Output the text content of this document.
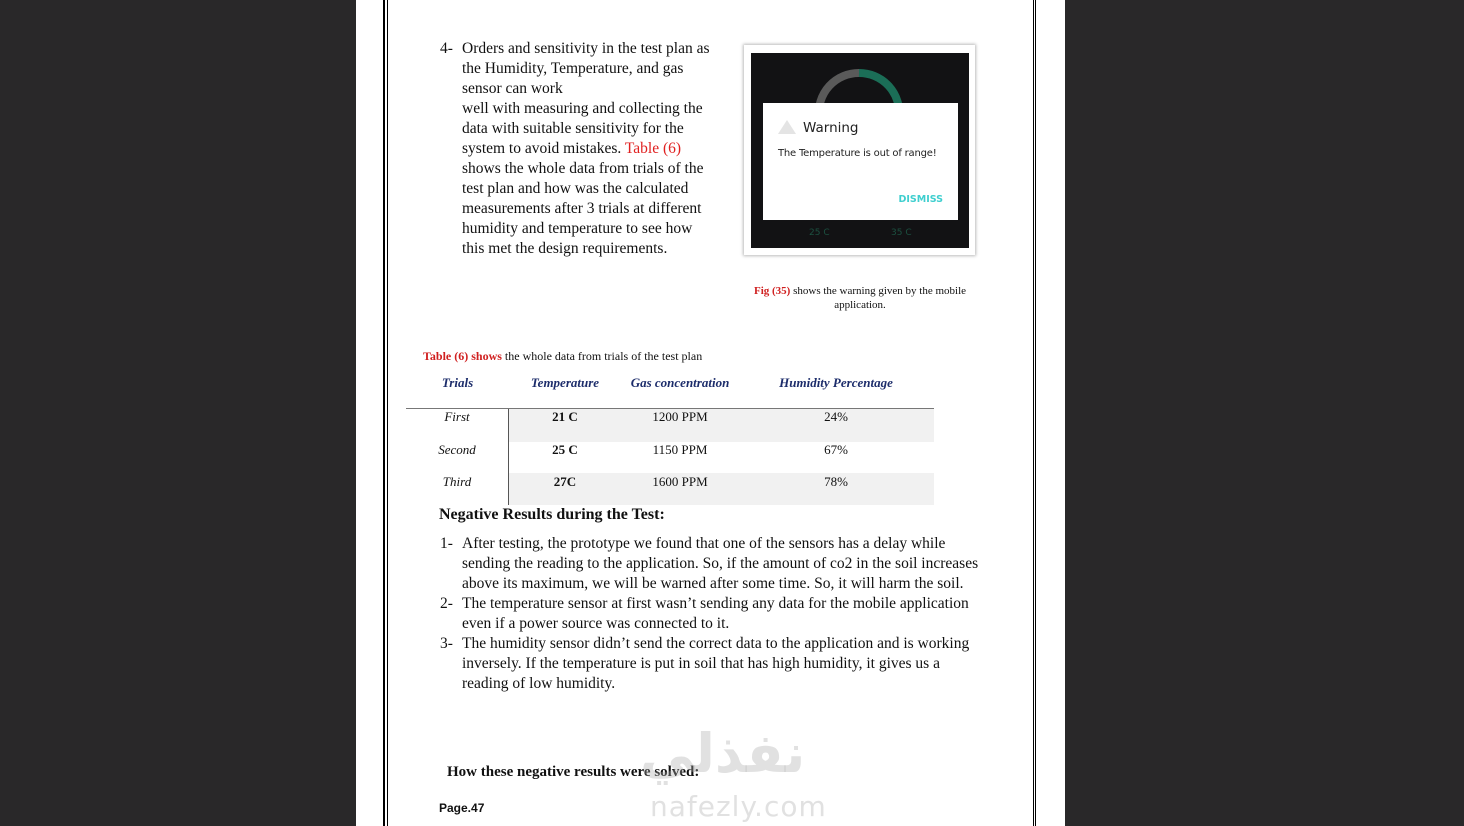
4- Orders and sensitivity in the test plan as
the Humidity, Temperature, and gas
sensor can work
well with measuring and collecting the
data with suitable sensitivity for the
system to avoid mistakes. Table (6)
shows the whole data from trials of the
test plan and how was the calculated
measurements after 3 trials at different
humidity and temperature to see how
this met the design requirements.
25 C	35 C
Warning
The Temperature is out of range!
DISMISS
Fig (35) shows the warning given by the mobile application.
Table (6) shows the whole data from trials of the test plan
Trials	Temperature	Gas concentration	Humidity Percentage
First	21 C	1200 PPM	24%
Second	25 C	1150 PPM	67%
Third	27C	1600 PPM	78%
Negative Results during the Test:
1- After testing, the prototype we found that one of the sensors has a delay while sending the reading to the application. So, if the amount of co2 in the soil increases above its maximum, we will be warned after some time. So, it will harm the soil.
2- The temperature sensor at first wasn’t sending any data for the mobile application even if a power source was connected to it.
3- The humidity sensor didn’t send the correct data to the application and is working inversely. If the temperature is put in soil that has high humidity, it gives us a reading of low humidity.
How these negative results were solved:
Page.47
نفذلي
nafezly.com
